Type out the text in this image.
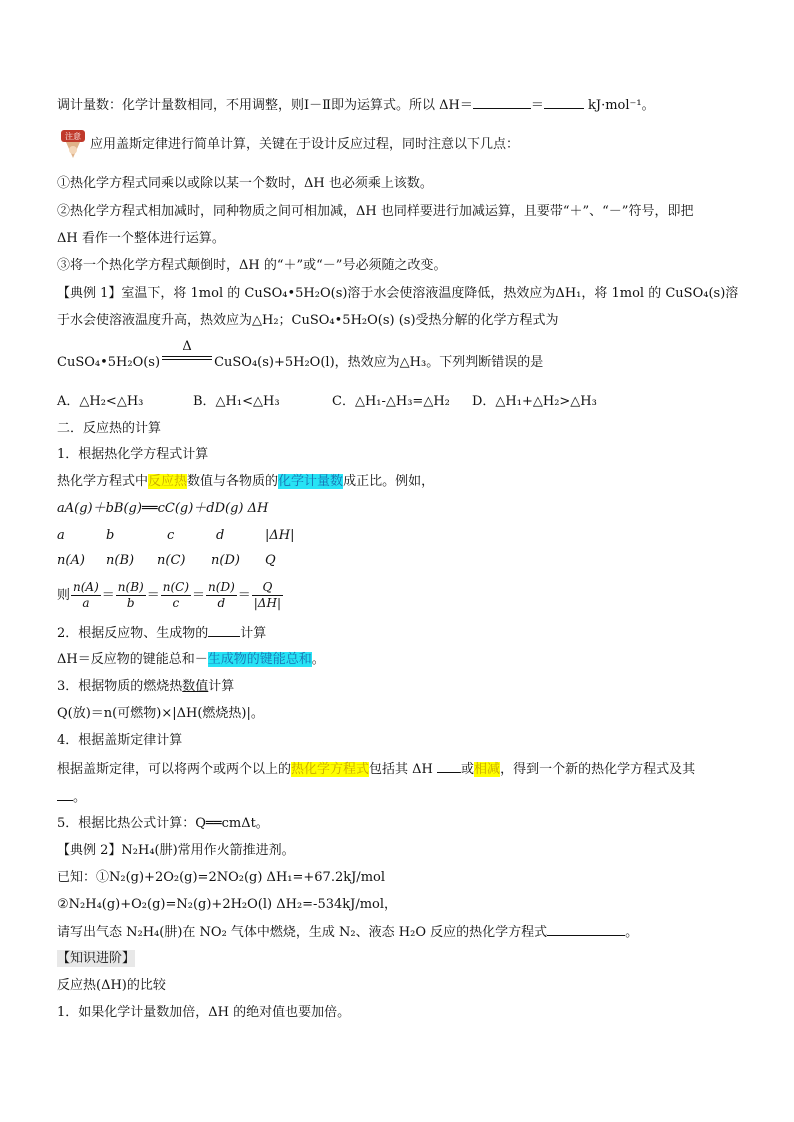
调计量数：化学计量数相同，不用调整，则Ⅰ－Ⅱ即为运算式。所以 ΔH＝	＝	kJ·mol⁻¹。
注意
应用盖斯定律进行简单计算，关键在于设计反应过程，同时注意以下几点：
①热化学方程式同乘以或除以某一个数时，ΔH 也必须乘上该数。
②热化学方程式相加减时，同种物质之间可相加减，ΔH 也同样要进行加减运算，且要带“＋”、“－”符号，即把
ΔH 看作一个整体进行运算。
③将一个热化学方程式颠倒时，ΔH 的“＋”或“－”号必须随之改变。
【典例 1】室温下，将 1mol 的 CuSO₄•5H₂O(s)溶于水会使溶液温度降低，热效应为ΔH₁，将 1mol 的 CuSO₄(s)溶
于水会使溶液温度升高，热效应为△H₂；CuSO₄•5H₂O(s) (s)受热分解的化学方程式为
CuSO₄•5H₂O(s)
Δ
CuSO₄(s)+5H₂O(l)，热效应为△H₃。下列判断错误的是
A．△H₂<△H₃	B．△H₁<△H₃	C．△H₁-△H₃=△H₂ D．△H₁+△H₂>△H₃
二．反应热的计算
1．根据热化学方程式计算
热化学方程式中反应热数值与各物质的化学计量数成正比。例如，
aA(g)＋bB(g)══cC(g)＋dD(g) ΔH
a	b	c	d	|ΔH|
n(A) n(B) n(C) n(D) Q
则 $\frac{n(A)}{a} = \frac{n(B)}{b} = \frac{n(C)}{c} = \frac{n(D)}{d} = \frac{Q}{|\Delta H|}$
2．根据反应物、生成物的 计算
ΔH＝反应物的键能总和－生成物的键能总和。
3．根据物质的燃烧热数值计算
Q(放)＝n(可燃物)×|ΔH(燃烧热)|。
4．根据盖斯定律计算
根据盖斯定律，可以将两个或两个以上的热化学方程式包括其 ΔH 或相减，得到一个新的热化学方程式及其
。
5．根据比热公式计算：Q══cmΔt。
【典例 2】N₂H₄(肼)常用作火箭推进剂。
已知：①N₂(g)+2O₂(g)=2NO₂(g) ΔH₁=+67.2kJ/mol
②N₂H₄(g)+O₂(g)=N₂(g)+2H₂O(l) ΔH₂=-534kJ/mol，
请写出气态 N₂H₄(肼)在 NO₂ 气体中燃烧，生成 N₂、液态 H₂O 反应的热化学方程式	。
【知识进阶】
反应热(ΔH)的比较
1．如果化学计量数加倍，ΔH 的绝对值也要加倍。
